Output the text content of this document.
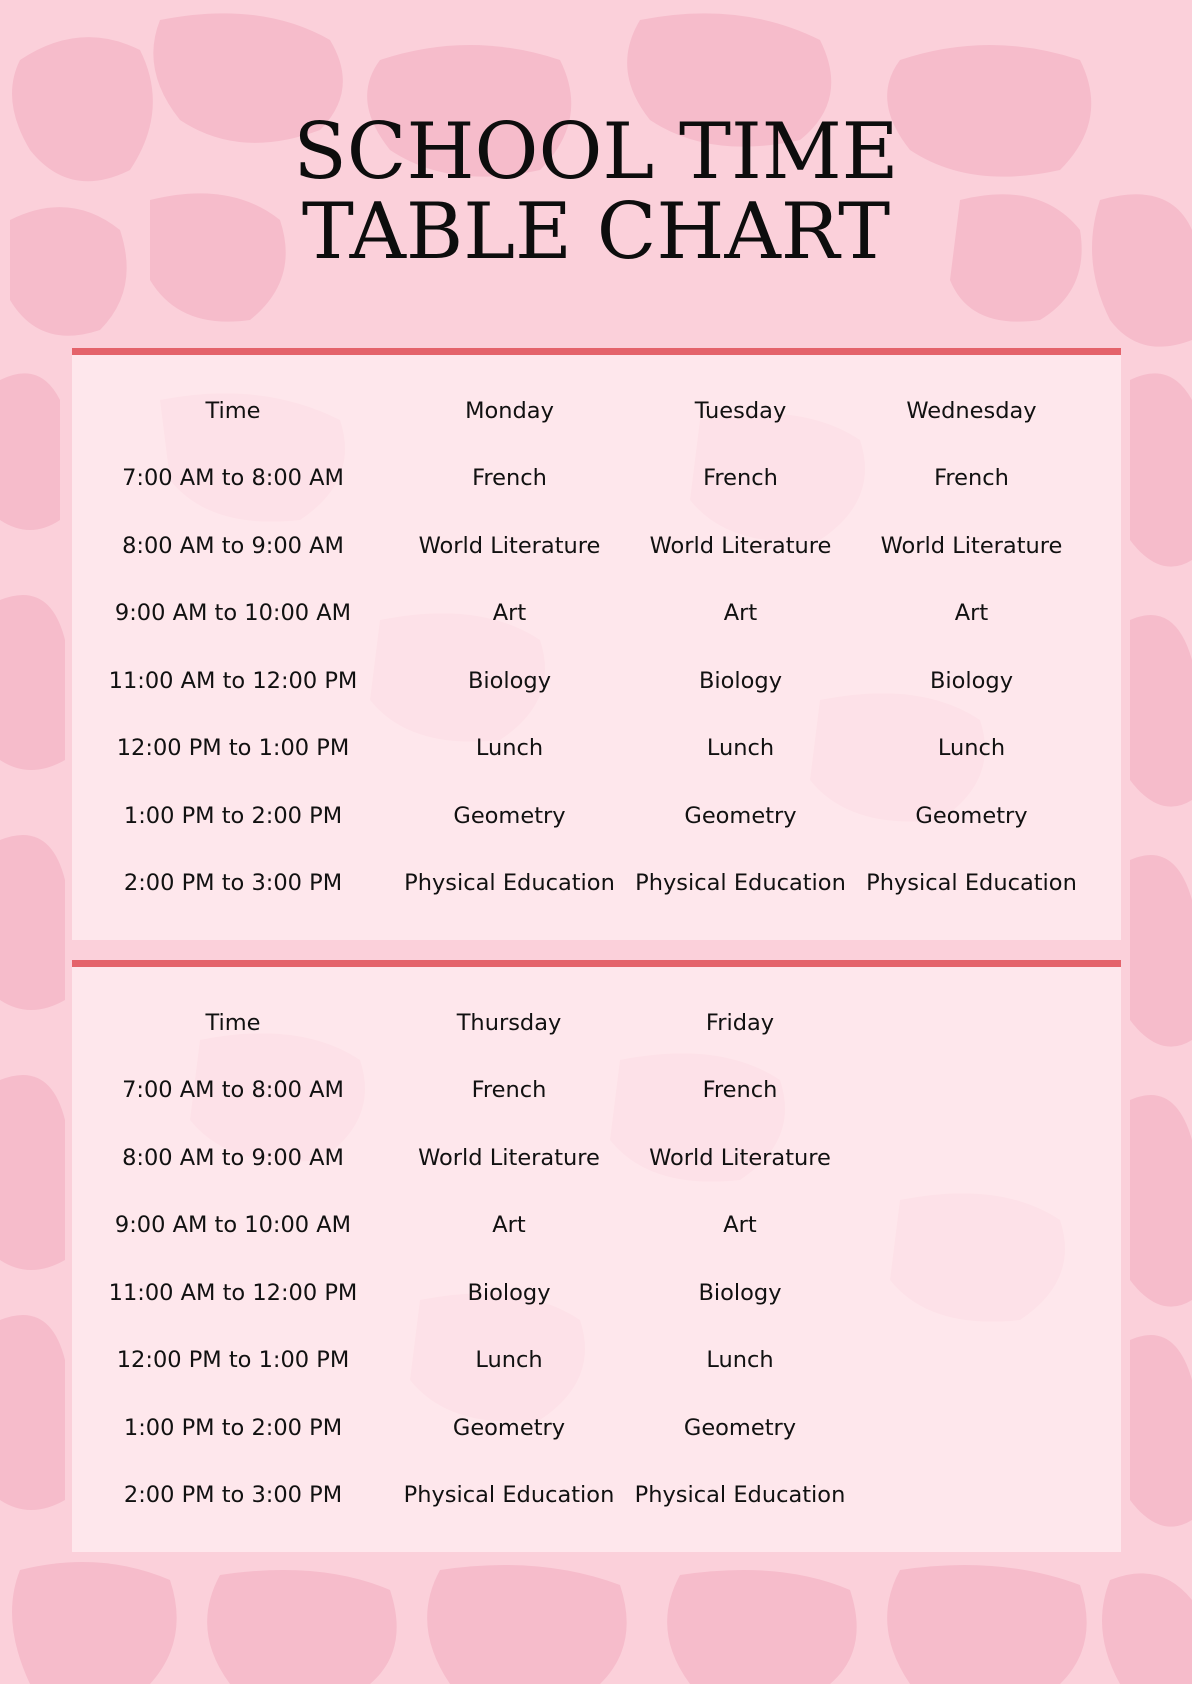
SCHOOL TIME
TABLE CHART
Time	Monday	Tuesday	Wednesday
7:00 AM to 8:00 AM	French	French	French
8:00 AM to 9:00 AM	World Literature	World Literature	World Literature
9:00 AM to 10:00 AM	Art	Art	Art
11:00 AM to 12:00 PM	Biology	Biology	Biology
12:00 PM to 1:00 PM	Lunch	Lunch	Lunch
1:00 PM to 2:00 PM	Geometry	Geometry	Geometry
2:00 PM to 3:00 PM	Physical Education	Physical Education	Physical Education
Time	Thursday	Friday
7:00 AM to 8:00 AM	French	French
8:00 AM to 9:00 AM	World Literature	World Literature
9:00 AM to 10:00 AM	Art	Art
11:00 AM to 12:00 PM	Biology	Biology
12:00 PM to 1:00 PM	Lunch	Lunch
1:00 PM to 2:00 PM	Geometry	Geometry
2:00 PM to 3:00 PM	Physical Education	Physical Education
